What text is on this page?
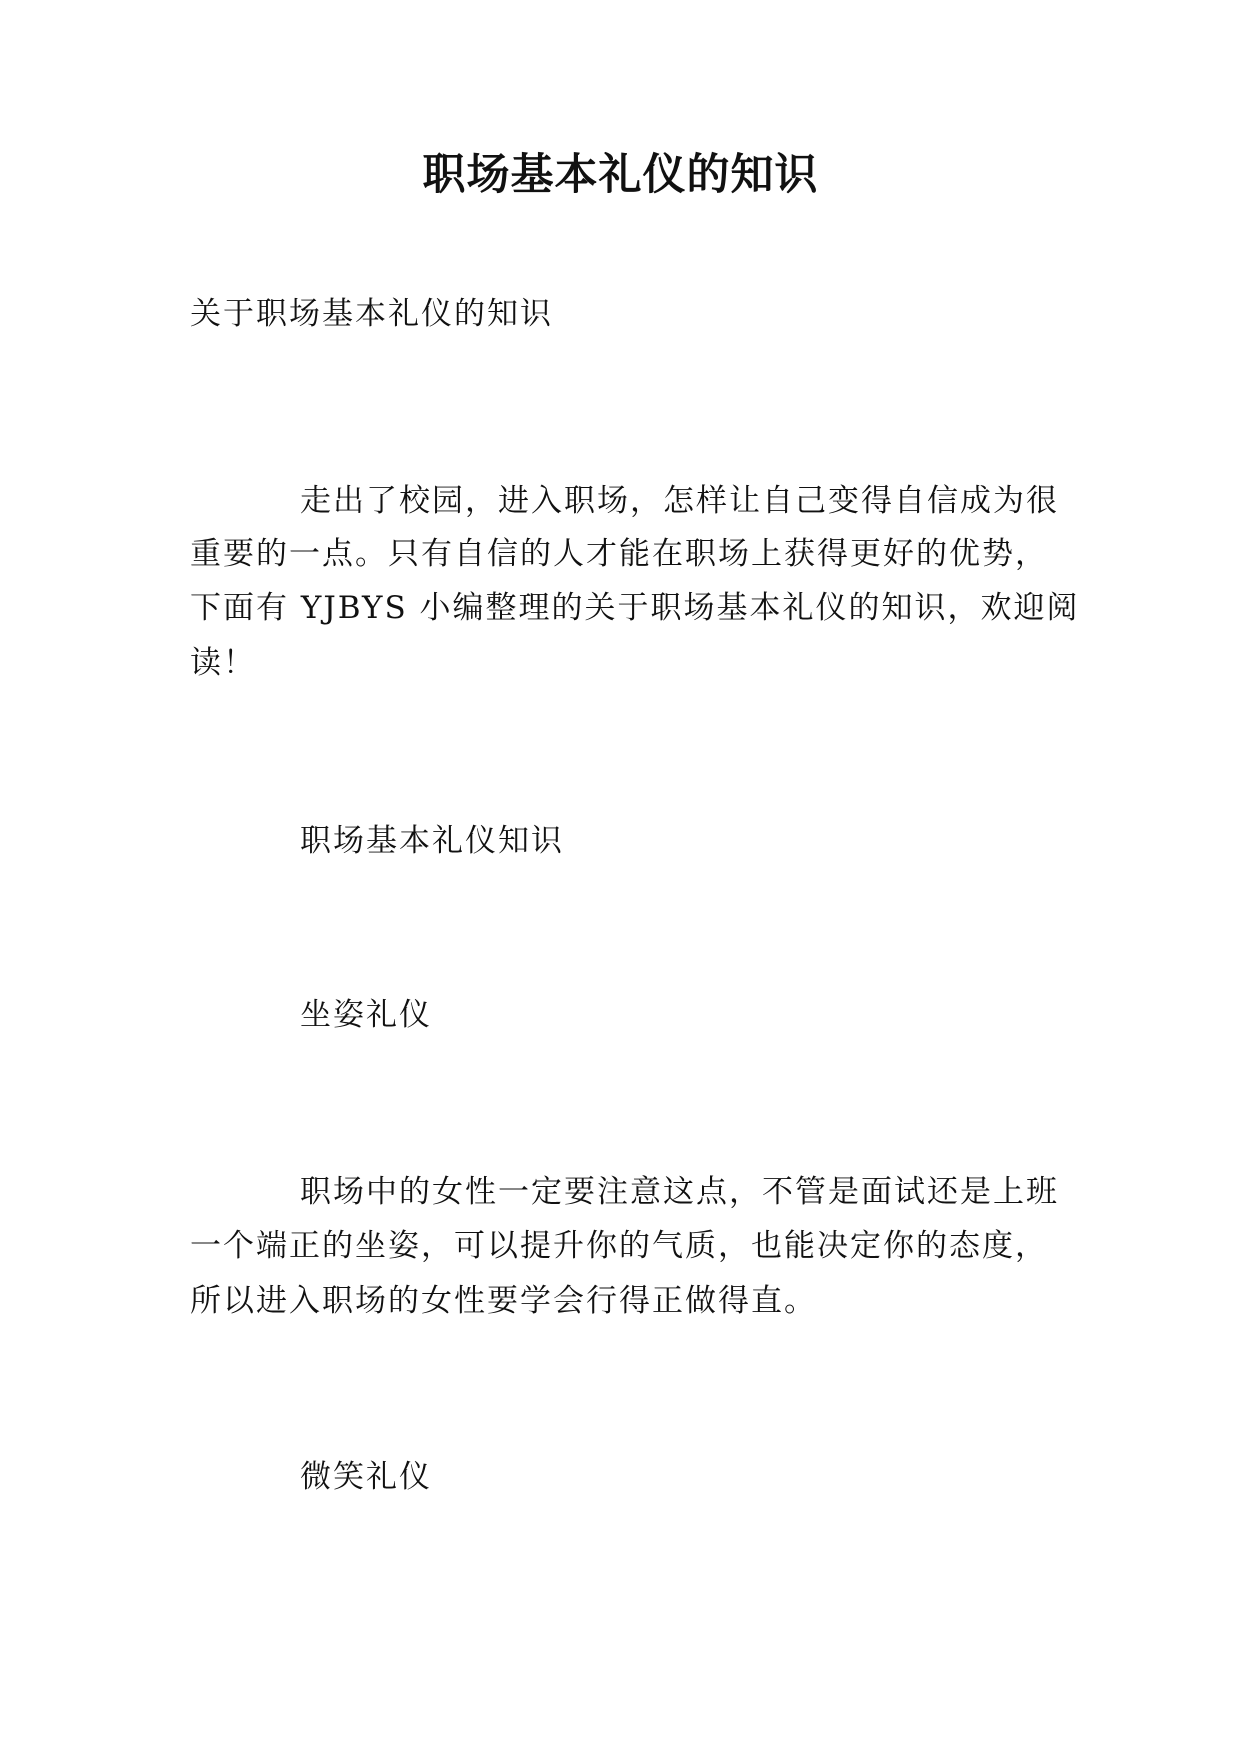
职场基本礼仪的知识
关于职场基本礼仪的知识
走出了校园，进入职场，怎样让自己变得自信成为很
重要的一点。只有自信的人才能在职场上获得更好的优势，
下面有 YJBYS 小编整理的关于职场基本礼仪的知识，欢迎阅
读！
职场基本礼仪知识
坐姿礼仪
职场中的女性一定要注意这点，不管是面试还是上班
一个端正的坐姿，可以提升你的气质，也能决定你的态度，
所以进入职场的女性要学会行得正做得直。
微笑礼仪
